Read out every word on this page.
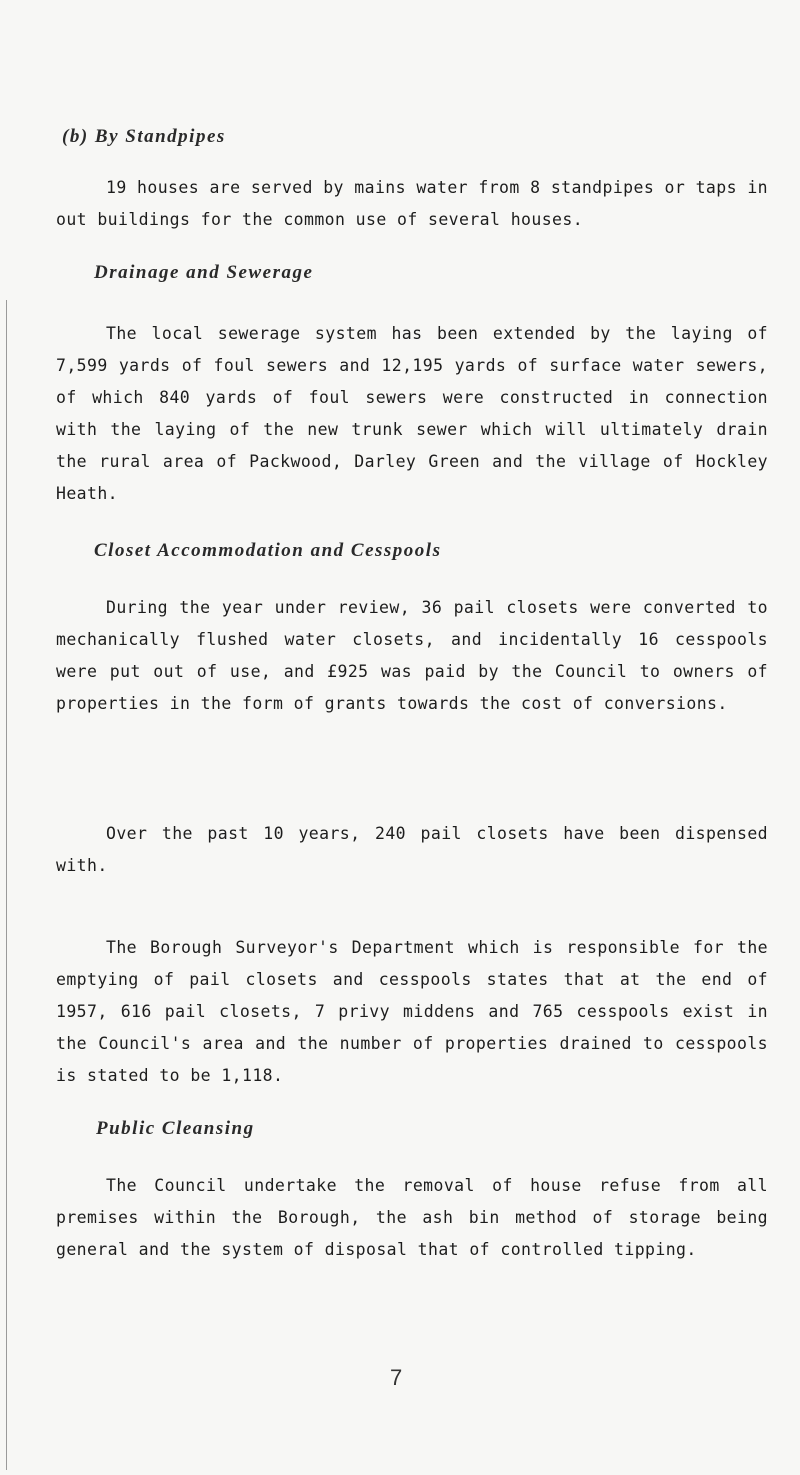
(b) By Standpipes

19 houses are served by mains water from 8 standpipes or taps in out buildings for the common use of several houses.

Drainage and Sewerage

The local sewerage system has been extended by the laying of 7,599 yards of foul sewers and 12,195 yards of surface water sewers, of which 840 yards of foul sewers were constructed in connection with the laying of the new trunk sewer which will ultimately drain the rural area of Packwood, Darley Green and the village of Hockley Heath.

Closet Accommodation and Cesspools

During the year under review, 36 pail closets were converted to mechanically flushed water closets, and incidentally 16 cesspools were put out of use, and £925 was paid by the Council to owners of properties in the form of grants towards the cost of conversions.

Over the past 10 years, 240 pail closets have been dispensed with.

The Borough Surveyor's Department which is responsible for the emptying of pail closets and cesspools states that at the end of 1957, 616 pail closets, 7 privy middens and 765 cesspools exist in the Council's area and the number of properties drained to cesspools is stated to be 1,118.

Public Cleansing

The Council undertake the removal of house refuse from all premises within the Borough, the ash bin method of storage being general and the system of disposal that of controlled tipping.

7
